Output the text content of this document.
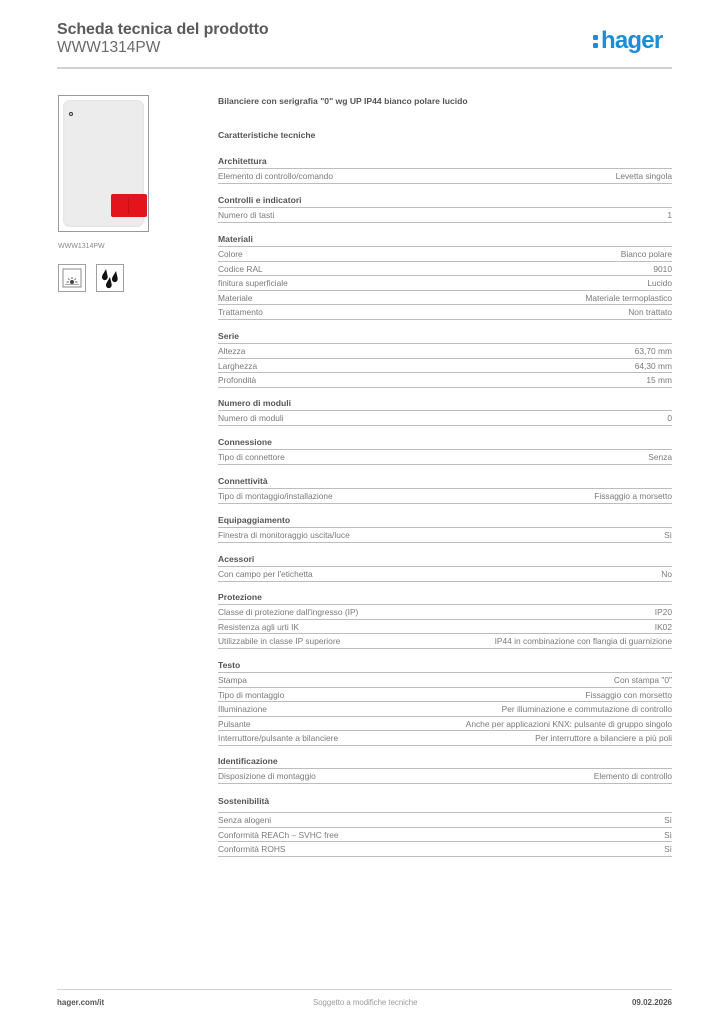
Scheda tecnica del prodotto
WWW1314PW	hager
WWW1314PW
Bilanciere con serigrafia "0" wg UP IP44 bianco polare lucido
Caratteristiche tecniche
Architettura
Elemento di controllo/comando	Levetta singola
Controlli e indicatori
Numero di tasti	1
Materiali
Colore	Bianco polare
Codice RAL	9010
finitura superficiale	Lucido
Materiale	Materiale termoplastico
Trattamento	Non trattato
Serie
Altezza	63,70 mm
Larghezza	64,30 mm
Profondità	15 mm
Numero di moduli
Numero di moduli	0
Connessione
Tipo di connettore	Senza
Connettività
Tipo di montaggio/installazione	Fissaggio a morsetto
Equipaggiamento
Finestra di monitoraggio uscita/luce	Sì
Acessori
Con campo per l'etichetta	No
Protezione
Classe di protezione dall'ingresso (IP)	IP20
Resistenza agli urti IK	IK02
Utilizzabile in classe IP superiore	IP44 in combinazione con flangia di guarnizione
Testo
Stampa	Con stampa "0"
Tipo di montaggio	Fissaggio con morsetto
Illuminazione	Per illuminazione e commutazione di controllo
Pulsante	Anche per applicazioni KNX: pulsante di gruppo singolo
Interruttore/pulsante a bilanciere	Per interruttore a bilanciere a più poli
Identificazione
Disposizione di montaggio	Elemento di controllo
Sostenibilità
Senza alogeni	Sì
Conformità REACh – SVHC free	Sì
Conformità ROHS	Sì
hager.com/it	Soggetto a modifiche tecniche	09.02.2026
